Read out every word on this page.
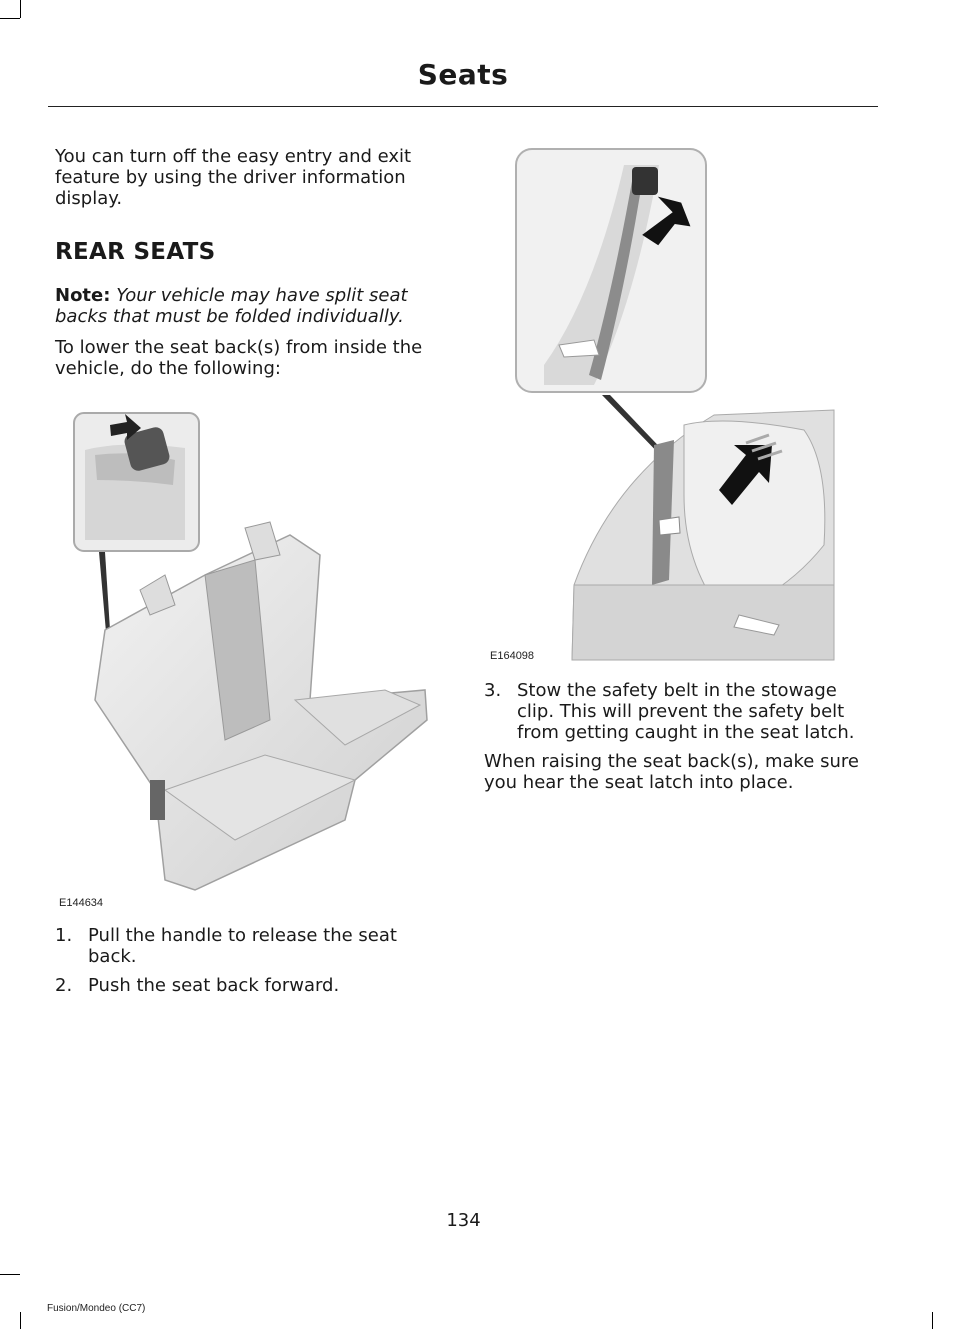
Seats

You can turn off the easy entry and exit feature by using the driver information display.

REAR SEATS

Note: Your vehicle may have split seat backs that must be folded individually.

To lower the seat back(s) from inside the vehicle, do the following:

E144634
1. Pull the handle to release the seat back.
2. Push the seat back forward.
E164098
3. Stow the safety belt in the stowage clip. This will prevent the safety belt from getting caught in the seat latch.

When raising the seat back(s), make sure you hear the seat latch into place.

134
Fusion/Mondeo (CC7)
